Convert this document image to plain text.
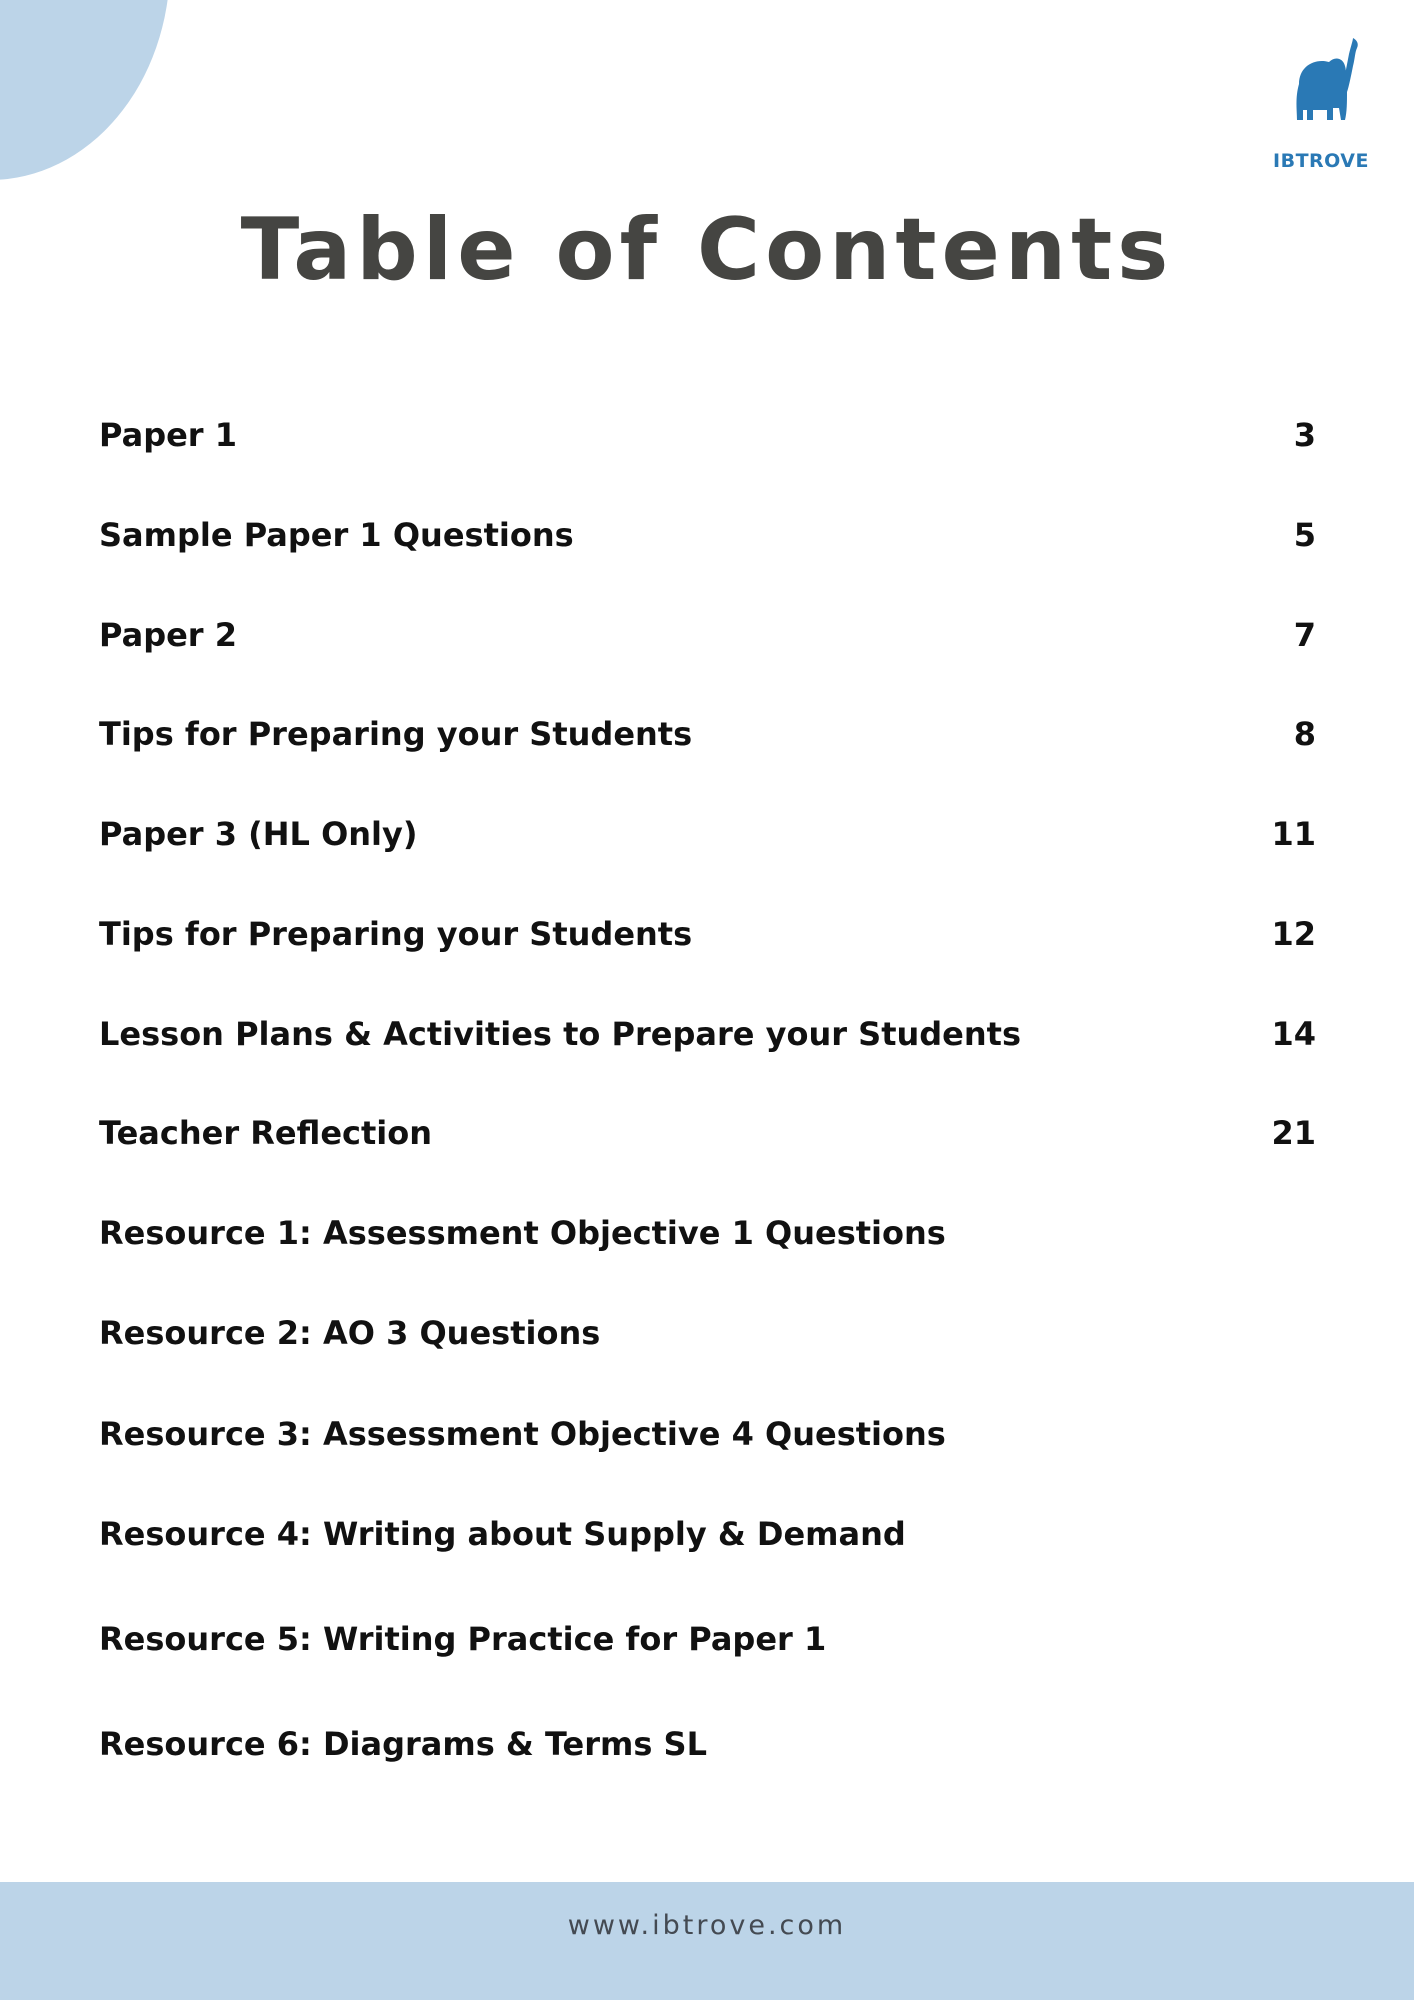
IBTROVE
Table of Contents
Paper 1	3
Sample Paper 1 Questions	5
Paper 2	7
Tips for Preparing your Students	8
Paper 3 (HL Only)	11
Tips for Preparing your Students	12
Lesson Plans & Activities to Prepare your Students	14
Teacher Reflection	21
Resource 1: Assessment Objective 1 Questions
Resource 2: AO 3 Questions
Resource 3: Assessment Objective 4 Questions
Resource 4: Writing about Supply & Demand
Resource 5: Writing Practice for Paper 1
Resource 6: Diagrams & Terms SL
www.ibtrove.com
